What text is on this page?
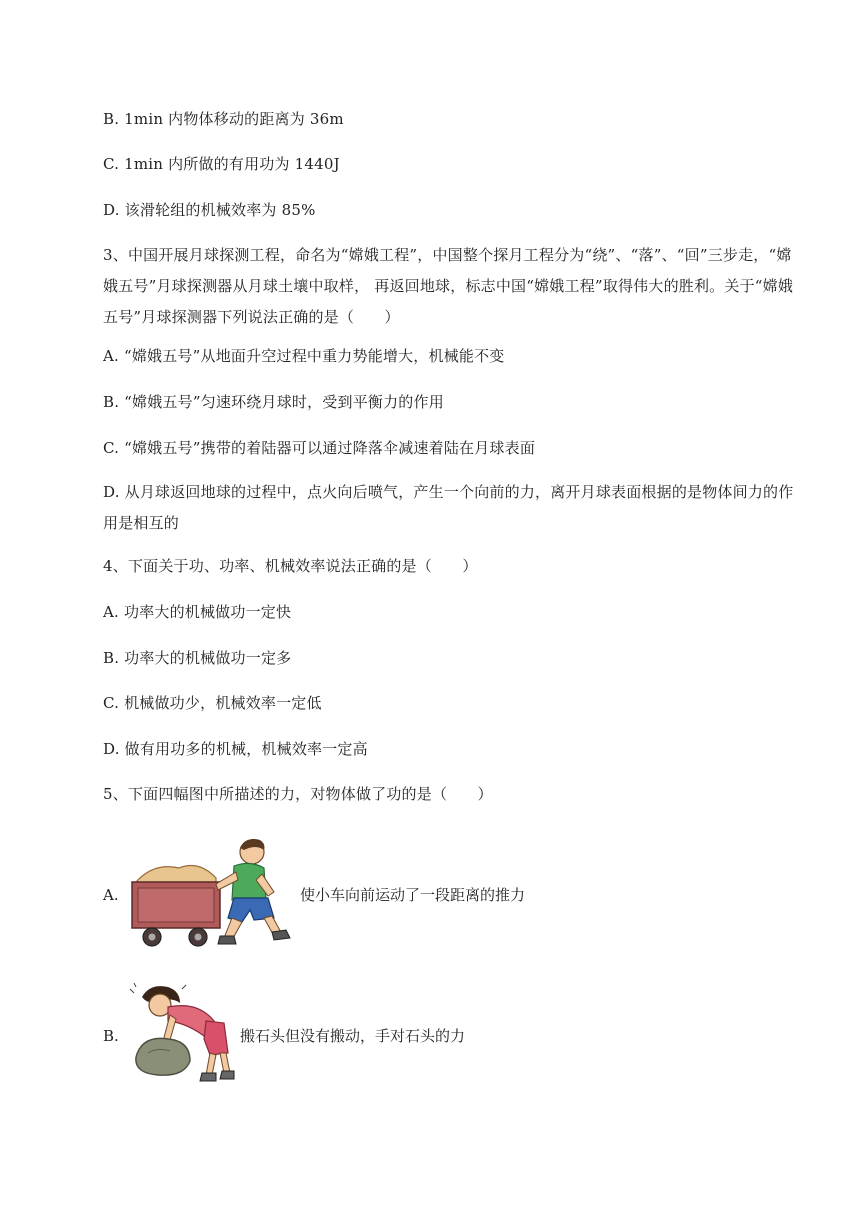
B. 1min 内物体移动的距离为 36m
C. 1min 内所做的有用功为 1440J
D. 该滑轮组的机械效率为 85%
3、中国开展月球探测工程，命名为“嫦娥工程”，中国整个探月工程分为“绕”、“落”、“回”三步走，“嫦娥五号”月球探测器从月球土壤中取样， 再返回地球，标志中国“嫦娥工程”取得伟大的胜利。关于“嫦娥五号”月球探测器下列说法正确的是（　　）
A. “嫦娥五号”从地面升空过程中重力势能增大，机械能不变
B. “嫦娥五号”匀速环绕月球时，受到平衡力的作用
C. “嫦娥五号”携带的着陆器可以通过降落伞减速着陆在月球表面
D. 从月球返回地球的过程中，点火向后喷气，产生一个向前的力，离开月球表面根据的是物体间力的作用是相互的
4、下面关于功、功率、机械效率说法正确的是（　　）
A. 功率大的机械做功一定快
B. 功率大的机械做功一定多
C. 机械做功少，机械效率一定低
D. 做有用功多的机械，机械效率一定高
5、下面四幅图中所描述的力，对物体做了功的是（　　）
A.	使小车向前运动了一段距离的推力
B.	搬石头但没有搬动，手对石头的力
